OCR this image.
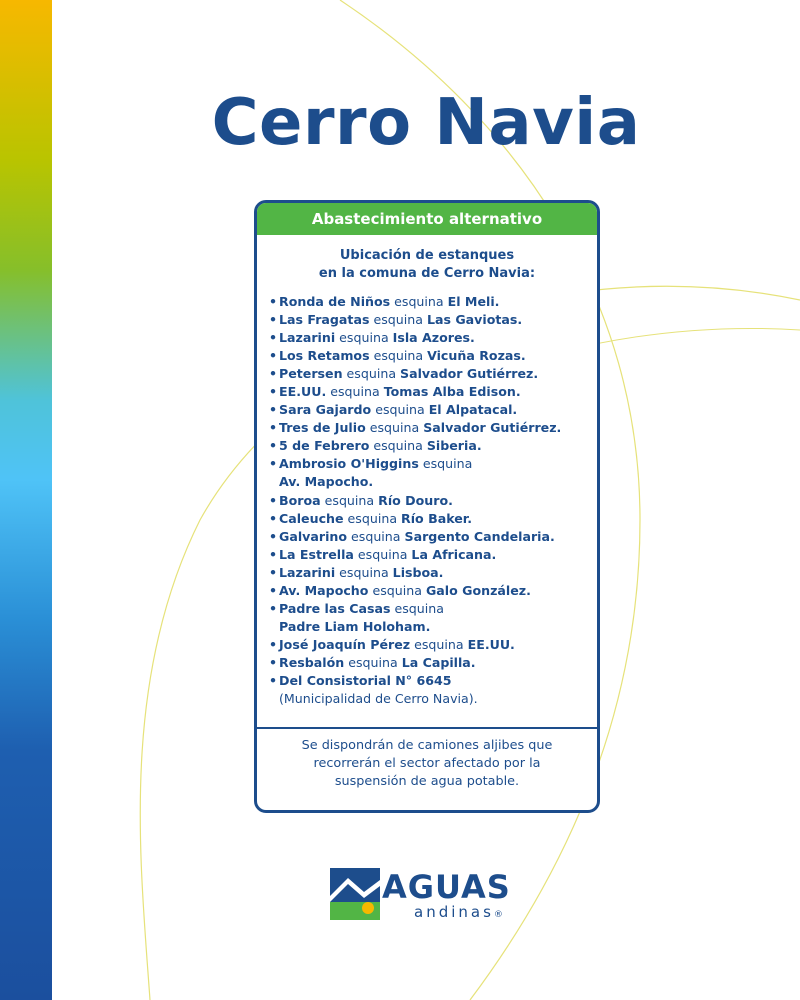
Cerro Navia
Abastecimiento alternativo
Ubicación de estanques
en la comuna de Cerro Navia:
• Ronda de Niños esquina El Meli.
• Las Fragatas esquina Las Gaviotas.
• Lazarini esquina Isla Azores.
• Los Retamos esquina Vicuña Rozas.
• Petersen esquina Salvador Gutiérrez.
• EE.UU. esquina Tomas Alba Edison.
• Sara Gajardo esquina El Alpatacal.
• Tres de Julio esquina Salvador Gutiérrez.
• 5 de Febrero esquina Siberia.
• Ambrosio O'Higgins esquina
Av. Mapocho.
• Boroa esquina Río Douro.
• Caleuche esquina Río Baker.
• Galvarino esquina Sargento Candelaria.
• La Estrella esquina La Africana.
• Lazarini esquina Lisboa.
• Av. Mapocho esquina Galo González.
• Padre las Casas esquina
Padre Liam Holoham.
• José Joaquín Pérez esquina EE.UU.
• Resbalón esquina La Capilla.
• Del Consistorial N° 6645
(Municipalidad de Cerro Navia).
Se dispondrán de camiones aljibes que
recorrerán el sector afectado por la
suspensión de agua potable.
AGUAS
andinas®
